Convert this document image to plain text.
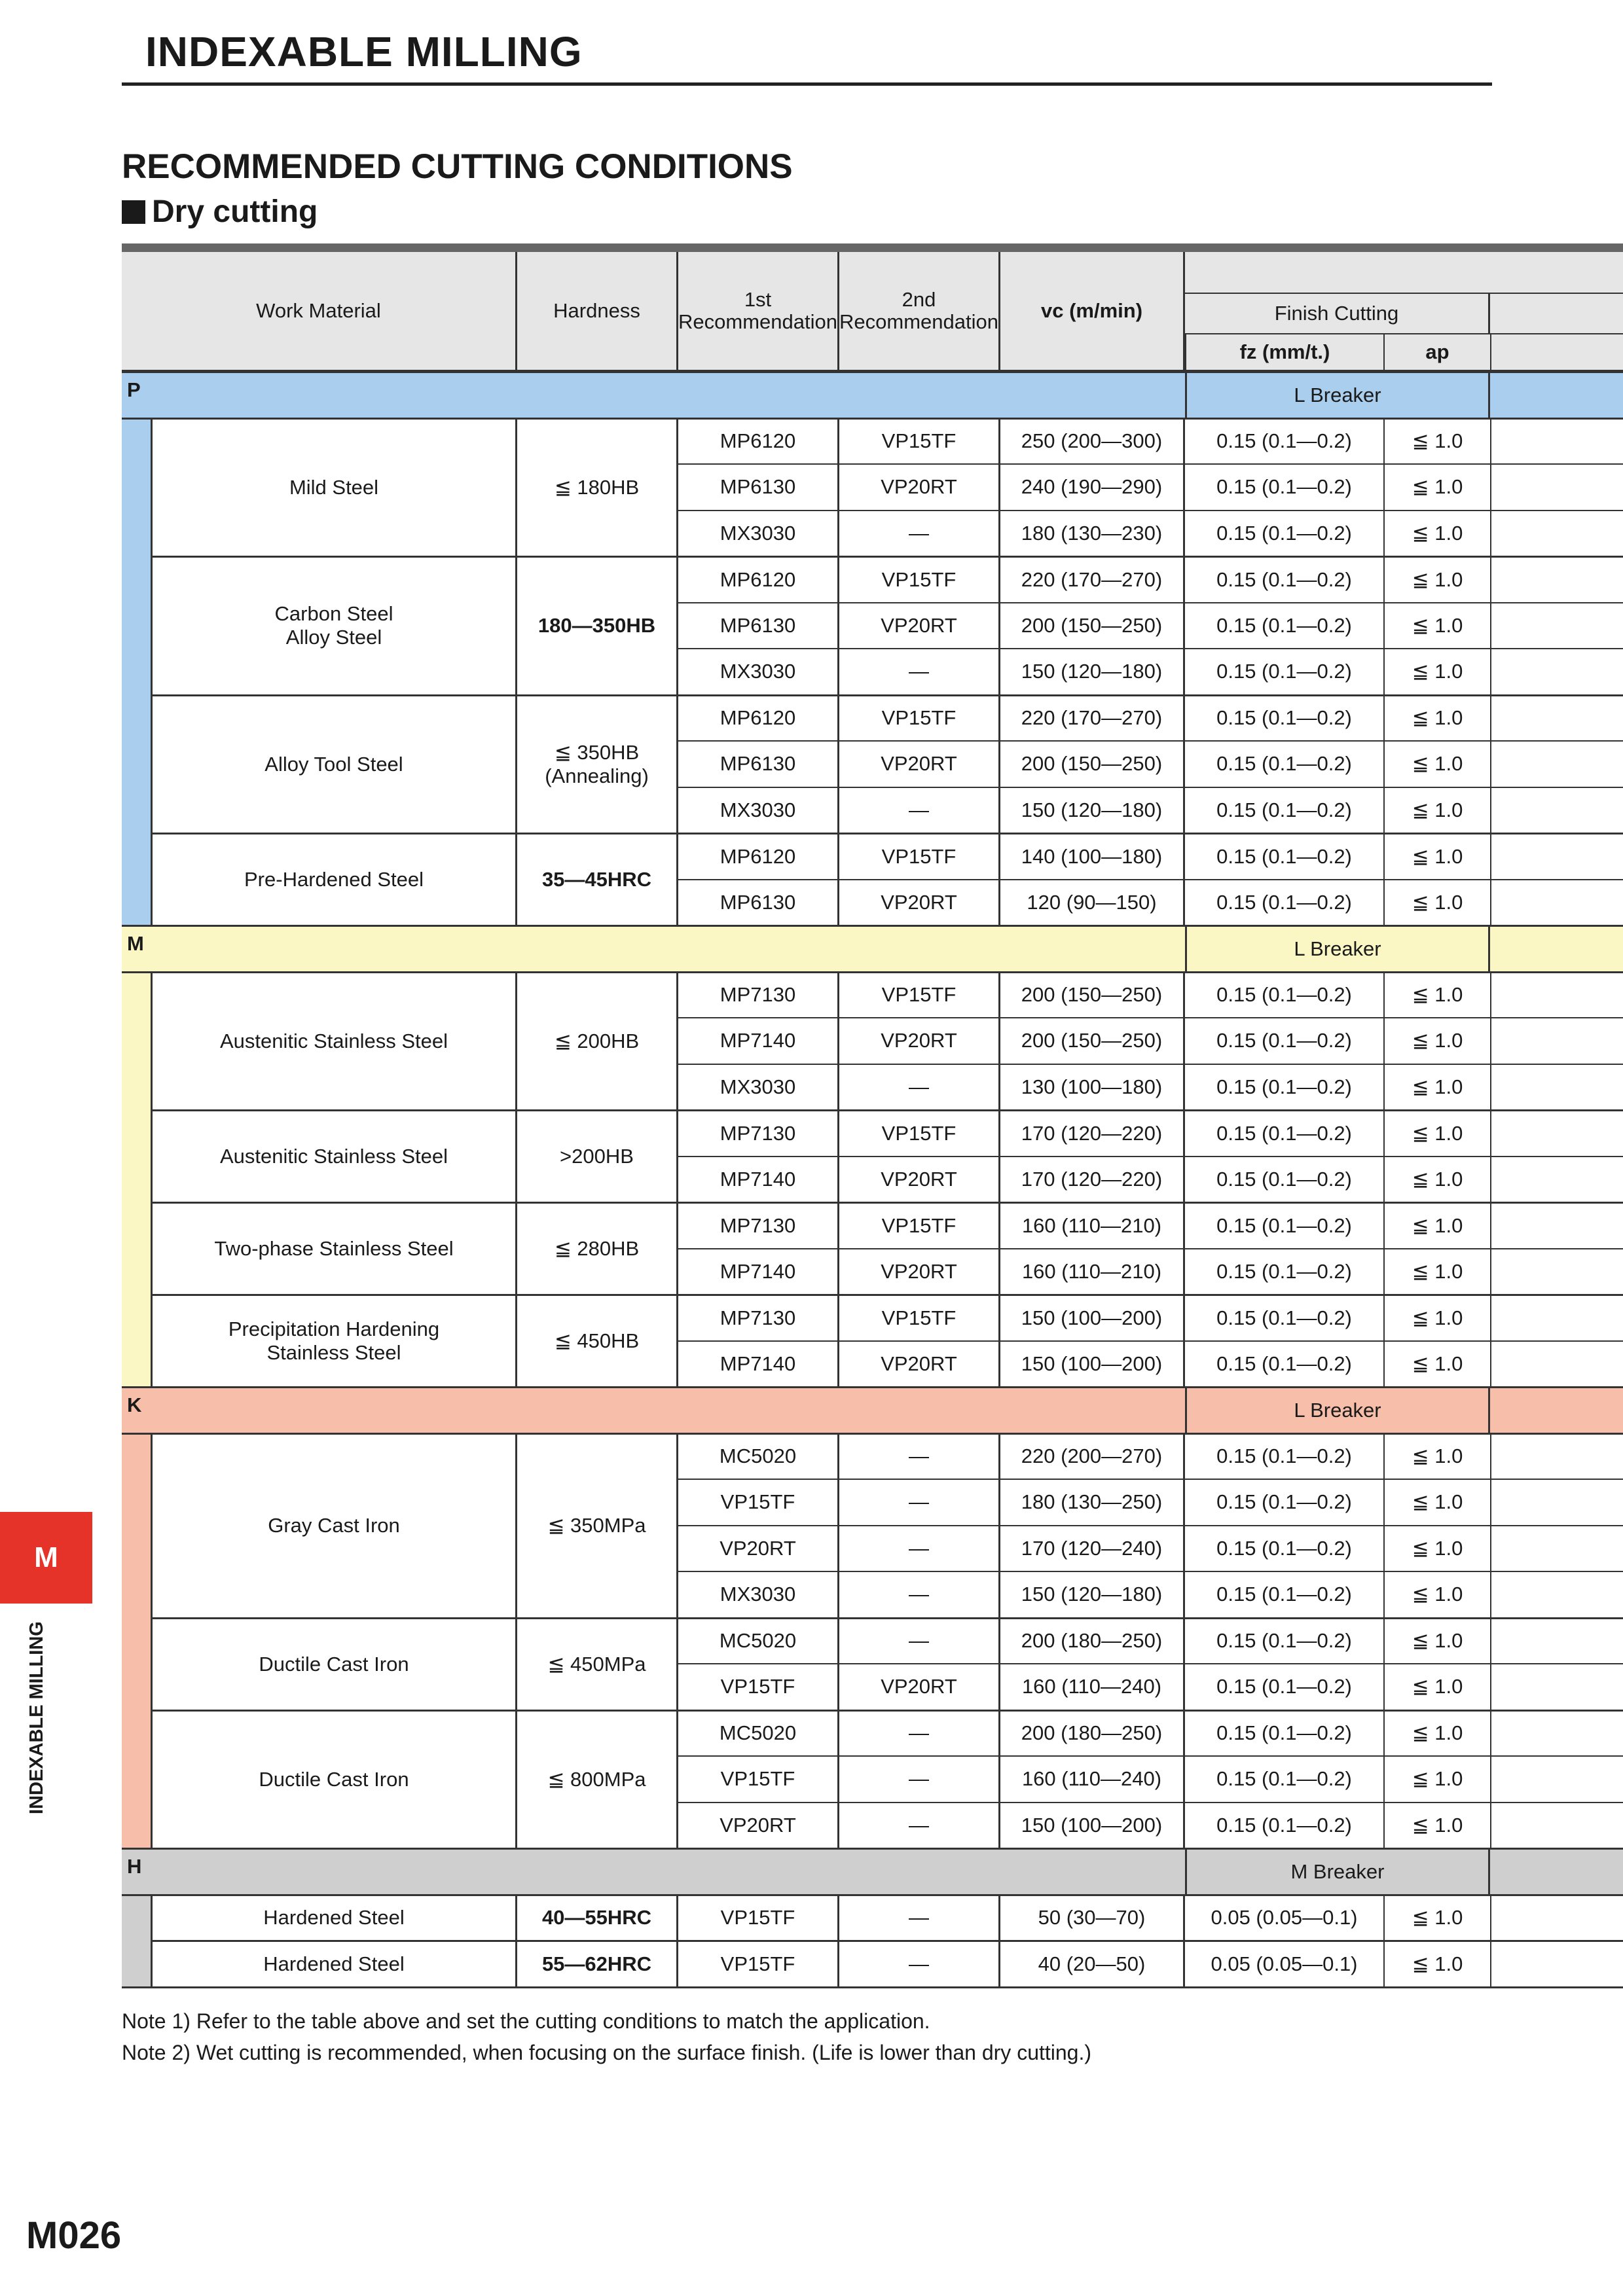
INDEXABLE MILLING
RECOMMENDED CUTTING CONDITIONS
Dry cutting
Work Material	Hardness	1st
Recommendation
2nd
Recommendation	vc (m/min)	Finish Cutting
fz (mm/t.)	ap
P	L Breaker
Mild Steel	≦ 180HB
MP6120	VP15TF	250 (200—300)	0.15 (0.1—0.2)	≦ 1.0
MP6130	VP20RT	240 (190—290)	0.15 (0.1—0.2)	≦ 1.0
MX3030	—	180 (130—230)	0.15 (0.1—0.2)	≦ 1.0
Carbon Steel
Alloy Steel
180—350HB
MP6120	VP15TF	220 (170—270)	0.15 (0.1—0.2)	≦ 1.0
MP6130	VP20RT	200 (150—250)	0.15 (0.1—0.2)	≦ 1.0
MX3030	—	150 (120—180)	0.15 (0.1—0.2)	≦ 1.0
Alloy Tool Steel
≦ 350HB
(Annealing)
MP6120	VP15TF	220 (170—270)	0.15 (0.1—0.2)	≦ 1.0
MP6130	VP20RT	200 (150—250)	0.15 (0.1—0.2)	≦ 1.0
MX3030	—	150 (120—180)	0.15 (0.1—0.2)	≦ 1.0
Pre-Hardened Steel	35—45HRC
MP6120	VP15TF	140 (100—180)	0.15 (0.1—0.2)	≦ 1.0
MP6130	VP20RT	120 (90—150)	0.15 (0.1—0.2)	≦ 1.0
M	L Breaker
Austenitic Stainless Steel	≦ 200HB
MP7130	VP15TF	200 (150—250)	0.15 (0.1—0.2)	≦ 1.0
MP7140	VP20RT	200 (150—250)	0.15 (0.1—0.2)	≦ 1.0
MX3030	—	130 (100—180)	0.15 (0.1—0.2)	≦ 1.0
Austenitic Stainless Steel	>200HB
MP7130	VP15TF	170 (120—220)	0.15 (0.1—0.2)	≦ 1.0
MP7140	VP20RT	170 (120—220)	0.15 (0.1—0.2)	≦ 1.0
Two-phase Stainless Steel	≦ 280HB
MP7130	VP15TF	160 (110—210)	0.15 (0.1—0.2)	≦ 1.0
MP7140	VP20RT	160 (110—210)	0.15 (0.1—0.2)	≦ 1.0
Precipitation Hardening
Stainless Steel
≦ 450HB
MP7130	VP15TF	150 (100—200)	0.15 (0.1—0.2)	≦ 1.0
MP7140	VP20RT	150 (100—200)	0.15 (0.1—0.2)	≦ 1.0
K	L Breaker
Gray Cast Iron	≦ 350MPa
MC5020	—	220 (200—270)	0.15 (0.1—0.2)	≦ 1.0
VP15TF	—	180 (130—250)	0.15 (0.1—0.2)	≦ 1.0
VP20RT	—	170 (120—240)	0.15 (0.1—0.2)	≦ 1.0
MX3030	—	150 (120—180)	0.15 (0.1—0.2)	≦ 1.0
Ductile Cast Iron	≦ 450MPa
MC5020	—	200 (180—250)	0.15 (0.1—0.2)	≦ 1.0
VP15TF	VP20RT	160 (110—240)	0.15 (0.1—0.2)	≦ 1.0
Ductile Cast Iron	≦ 800MPa
MC5020	—	200 (180—250)	0.15 (0.1—0.2)	≦ 1.0
VP15TF	—	160 (110—240)	0.15 (0.1—0.2)	≦ 1.0
VP20RT	—	150 (100—200)	0.15 (0.1—0.2)	≦ 1.0
H	M Breaker
Hardened Steel	40—55HRC	VP15TF	—	50 (30—70)	0.05 (0.05—0.1)	≦ 1.0
Hardened Steel	55—62HRC	VP15TF	—	40 (20—50)	0.05 (0.05—0.1)	≦ 1.0
Note 1) Refer to the table above and set the cutting conditions to match the application.
Note 2) Wet cutting is recommended, when focusing on the surface finish. (Life is lower than dry cutting.)
M
INDEXABLE MILLING
M026
